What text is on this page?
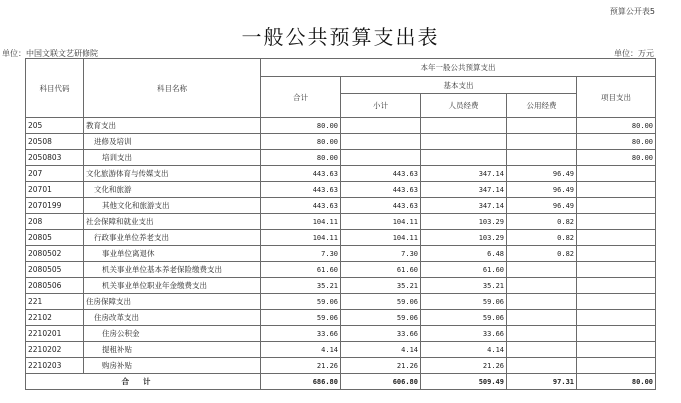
预算公开表5
一般公共预算支出表
单位：中国文联文艺研修院	单位：万元
科目代码	科目名称	本年一般公共预算支出				
		合计	基本支出			项目支出
			小计	人员经费	公用经费	
205	教育支出	80.00				80.00
20508	进修及培训	80.00				80.00
2050803	培训支出	80.00				80.00
207	文化旅游体育与传媒支出	443.63	443.63	347.14	96.49	
20701	文化和旅游	443.63	443.63	347.14	96.49	
2070199	其他文化和旅游支出	443.63	443.63	347.14	96.49	
208	社会保障和就业支出	104.11	104.11	103.29	0.82	
20805	行政事业单位养老支出	104.11	104.11	103.29	0.82	
2080502	事业单位离退休	7.30	7.30	6.48	0.82	
2080505	机关事业单位基本养老保险缴费支出	61.60	61.60	61.60		
2080506	机关事业单位职业年金缴费支出	35.21	35.21	35.21		
221	住房保障支出	59.06	59.06	59.06		
22102	住房改革支出	59.06	59.06	59.06		
2210201	住房公积金	33.66	33.66	33.66		
2210202	提租补贴	4.14	4.14	4.14		
2210203	购房补贴	21.26	21.26	21.26		
合计		686.80	606.80	509.49	97.31	80.00
